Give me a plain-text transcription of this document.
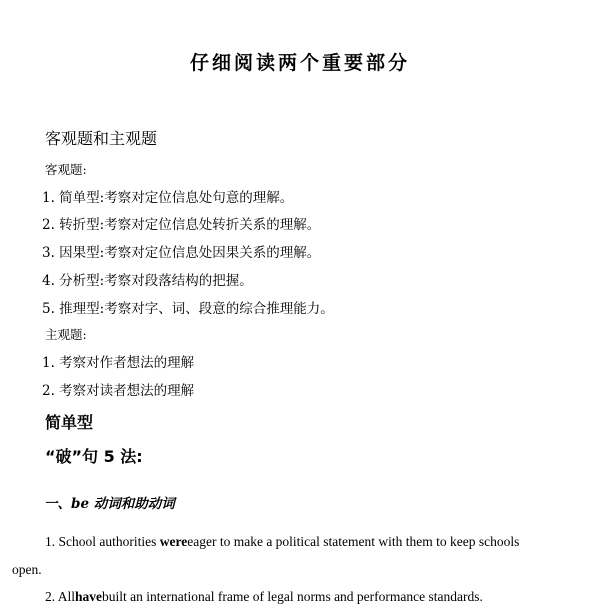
仔细阅读两个重要部分
客观题和主观题
客观题:
1. 简单型:考察对定位信息处句意的理解。
2. 转折型:考察对定位信息处转折关系的理解。
3. 因果型:考察对定位信息处因果关系的理解。
4. 分析型:考察对段落结构的把握。
5. 推理型:考察对字、词、段意的综合推理能力。
主观题:
1. 考察对作者想法的理解
2. 考察对读者想法的理解
简单型
“破”句 5 法:
一、be 动词和助动词
1. School authorities wereeager to make a political statement with them to keep schools
open.
2. Allhavebuilt an international frame of legal norms and performance standards.
